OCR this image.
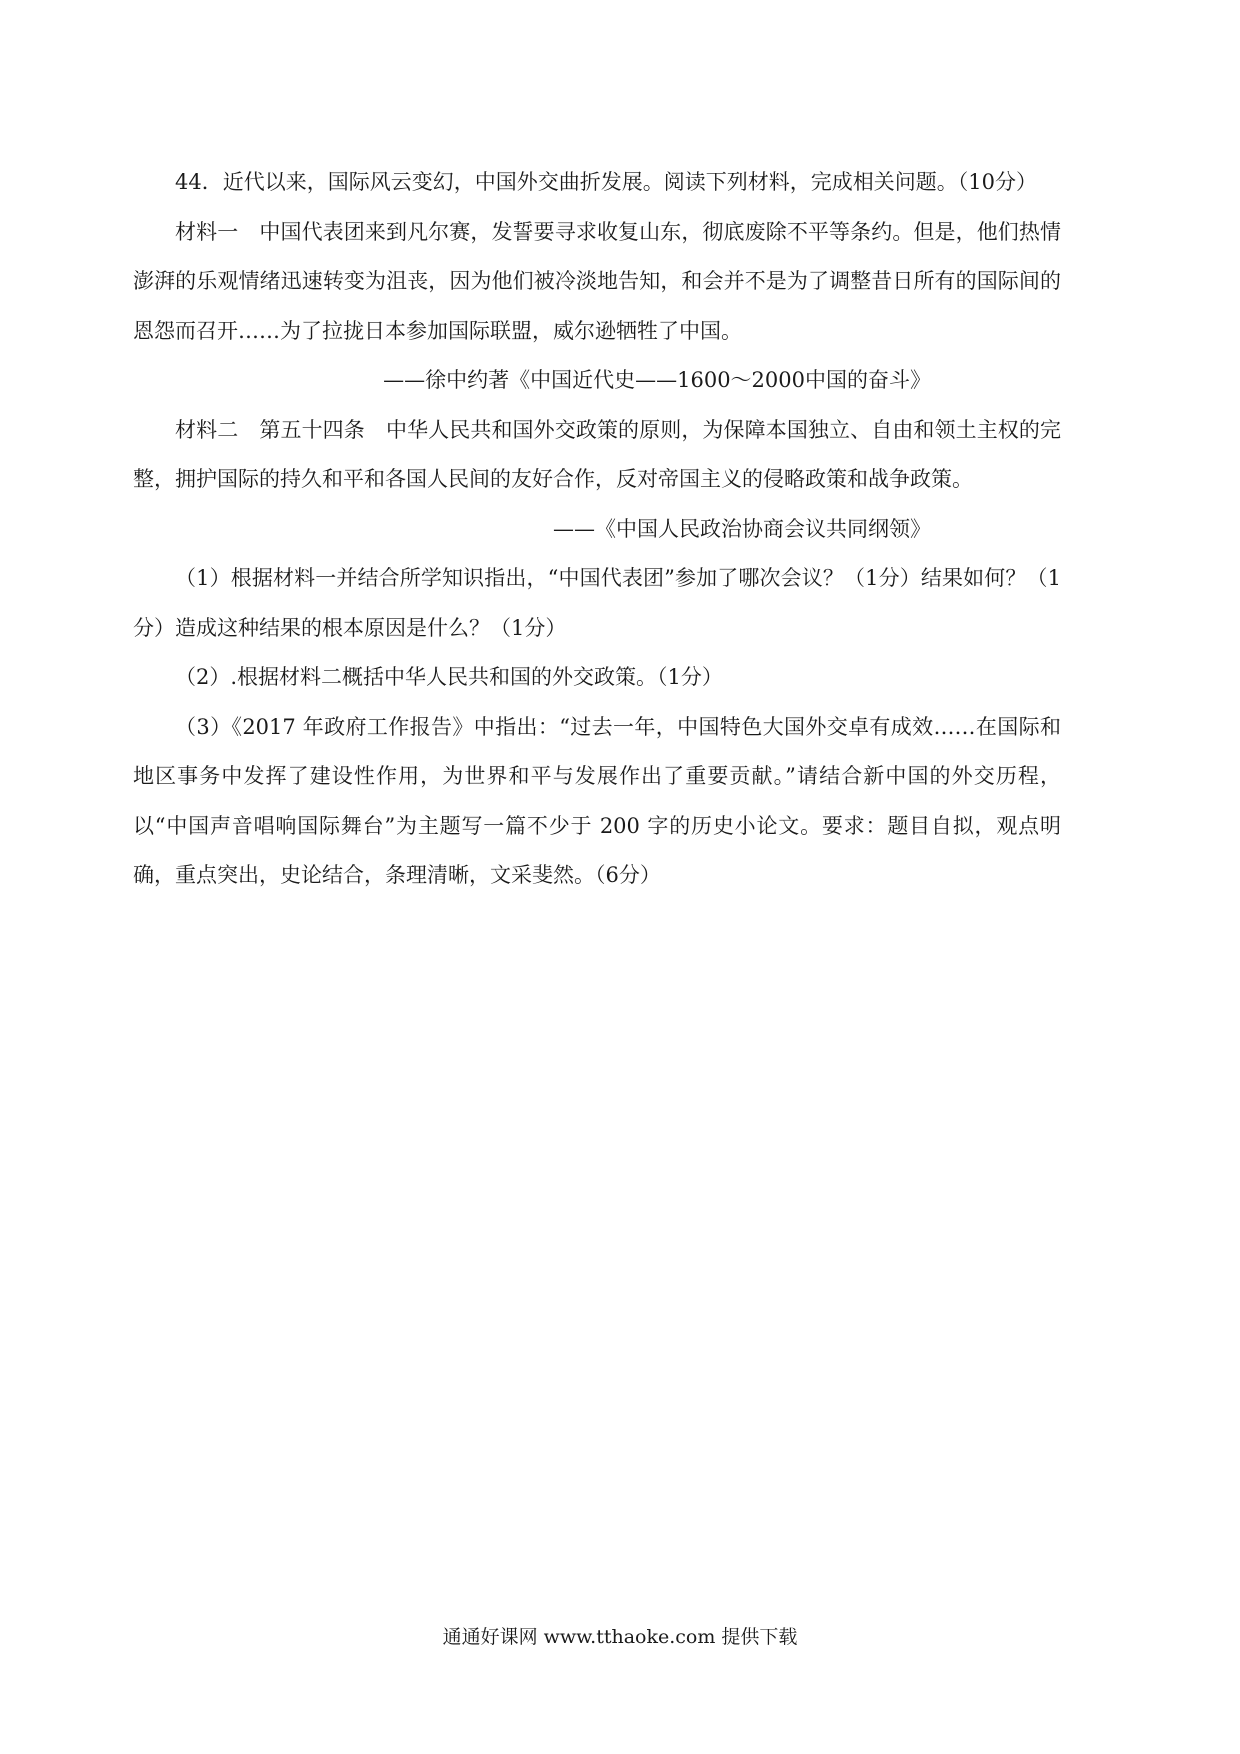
44．近代以来，国际风云变幻，中国外交曲折发展。阅读下列材料，完成相关问题。（10分）

材料一　中国代表团来到凡尔赛，发誓要寻求收复山东，彻底废除不平等条约。但是，他们热情澎湃的乐观情绪迅速转变为沮丧，因为他们被冷淡地告知，和会并不是为了调整昔日所有的国际间的恩怨而召开……为了拉拢日本参加国际联盟，威尔逊牺牲了中国。

——徐中约著《中国近代史——1600～2000中国的奋斗》

材料二　第五十四条　中华人民共和国外交政策的原则，为保障本国独立、自由和领土主权的完整，拥护国际的持久和平和各国人民间的友好合作，反对帝国主义的侵略政策和战争政策。

——《中国人民政治协商会议共同纲领》

（1）根据材料一并结合所学知识指出，“中国代表团”参加了哪次会议？（1分）结果如何？（1分）造成这种结果的根本原因是什么？（1分）

（2）.根据材料二概括中华人民共和国的外交政策。（1分）

（3）《2017 年政府工作报告》中指出：“过去一年，中国特色大国外交卓有成效……在国际和地区事务中发挥了建设性作用，为世界和平与发展作出了重要贡献。”请结合新中国的外交历程，以“中国声音唱响国际舞台”为主题写一篇不少于 200 字的历史小论文。要求：题目自拟，观点明确，重点突出，史论结合，条理清晰，文采斐然。（6分）

通通好课网 www.tthaoke.com 提供下载
